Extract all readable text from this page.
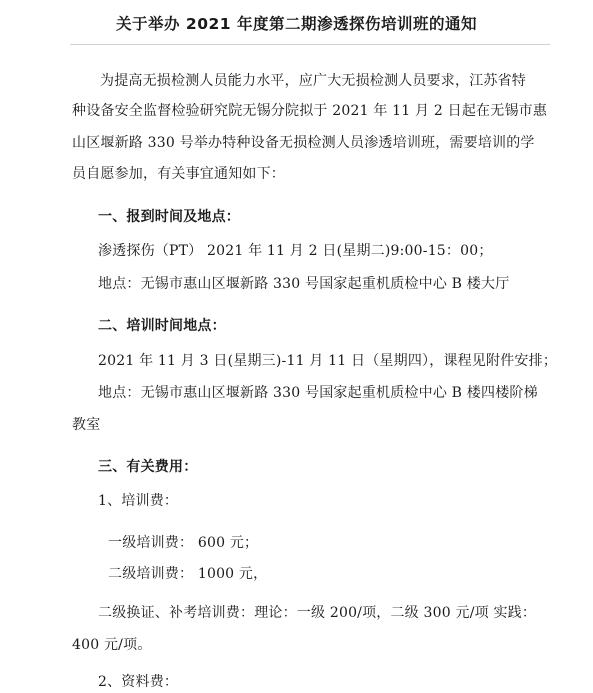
关于举办 2021 年度第二期渗透探伤培训班的通知
为提高无损检测人员能力水平，应广大无损检测人员要求，江苏省特
种设备安全监督检验研究院无锡分院拟于 2021 年 11 月 2 日起在无锡市惠
山区堰新路 330 号举办特种设备无损检测人员渗透培训班，需要培训的学
员自愿参加，有关事宜通知如下：
一、报到时间及地点：
渗透探伤（PT） 2021 年 11 月 2 日(星期二)9:00-15：00；
地点：无锡市惠山区堰新路 330 号国家起重机质检中心 B 楼大厅
二、培训时间地点：
2021 年 11 月 3 日(星期三)-11 月 11 日（星期四），课程见附件安排；
地点：无锡市惠山区堰新路 330 号国家起重机质检中心 B 楼四楼阶梯
教室
三、有关费用：
1、培训费：
一级培训费： 600 元；
二级培训费： 1000 元，
二级换证、补考培训费：理论：一级 200/项，二级 300 元/项 实践：
400 元/项。
2、资料费：
